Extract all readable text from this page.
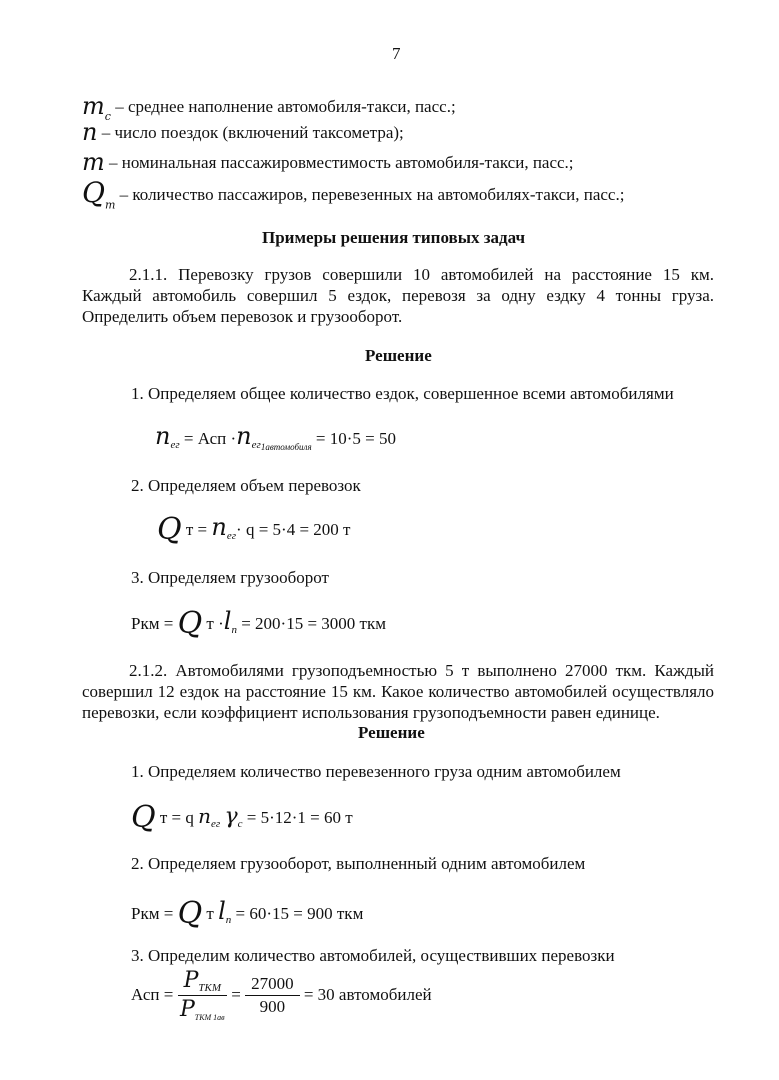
7
$m_c$ – среднее наполнение автомобиля-такси, пасс.;
n – число поездок (включений таксометра);
m – номинальная пассажировместимость автомобиля-такси, пасс.;
$Q_т$ – количество пассажиров, перевезенных на автомобилях-такси, пасс.;
Примеры решения типовых задач
2.1.1. Перевозку грузов совершили 10 автомобилей на расстояние 15 км. Каждый автомобиль совершил 5 ездок, перевозя за одну ездку 4 тонны груза. Определить объем перевозок и грузооборот.
Решение
1. Определяем общее количество ездок, совершенное всеми автомобилями
$n_{ег}$ = Асп $\cdot n_{ег1автомобиля} = 10\cdot 5 = 50$
2. Определяем объем перевозок
Q $т = n_{ег}\cdot q = 5\cdot 4 = 200$ т
3. Определяем грузооборот
Ркм = Q $т \cdot l_п = 200\cdot 15 = 3000$ ткм
2.1.2. Автомобилями грузоподъемностью 5 т выполнено 27000 ткм. Каждый совершил 12 ездок на расстояние 15 км. Какое количество автомобилей осуществляло перевозки, если коэффициент использования грузоподъемности равен единице.
Решение
1. Определяем количество перевезенного груза одним автомобилем
Q т = q $n_{ег}$ $\gamma_с = 5\cdot 12\cdot 1 = 60$ т
2. Определяем грузооборот, выполненный одним автомобилем
Ркм = Q т $l_п = 60\cdot 15 = 900$ ткм
3. Определим количество автомобилей, осуществивших перевозки
Асп = $\frac{P_{ТКМ}}{P_{ТКМ 1ав}} = \frac{27000}{900} = 30$ автомобилей
